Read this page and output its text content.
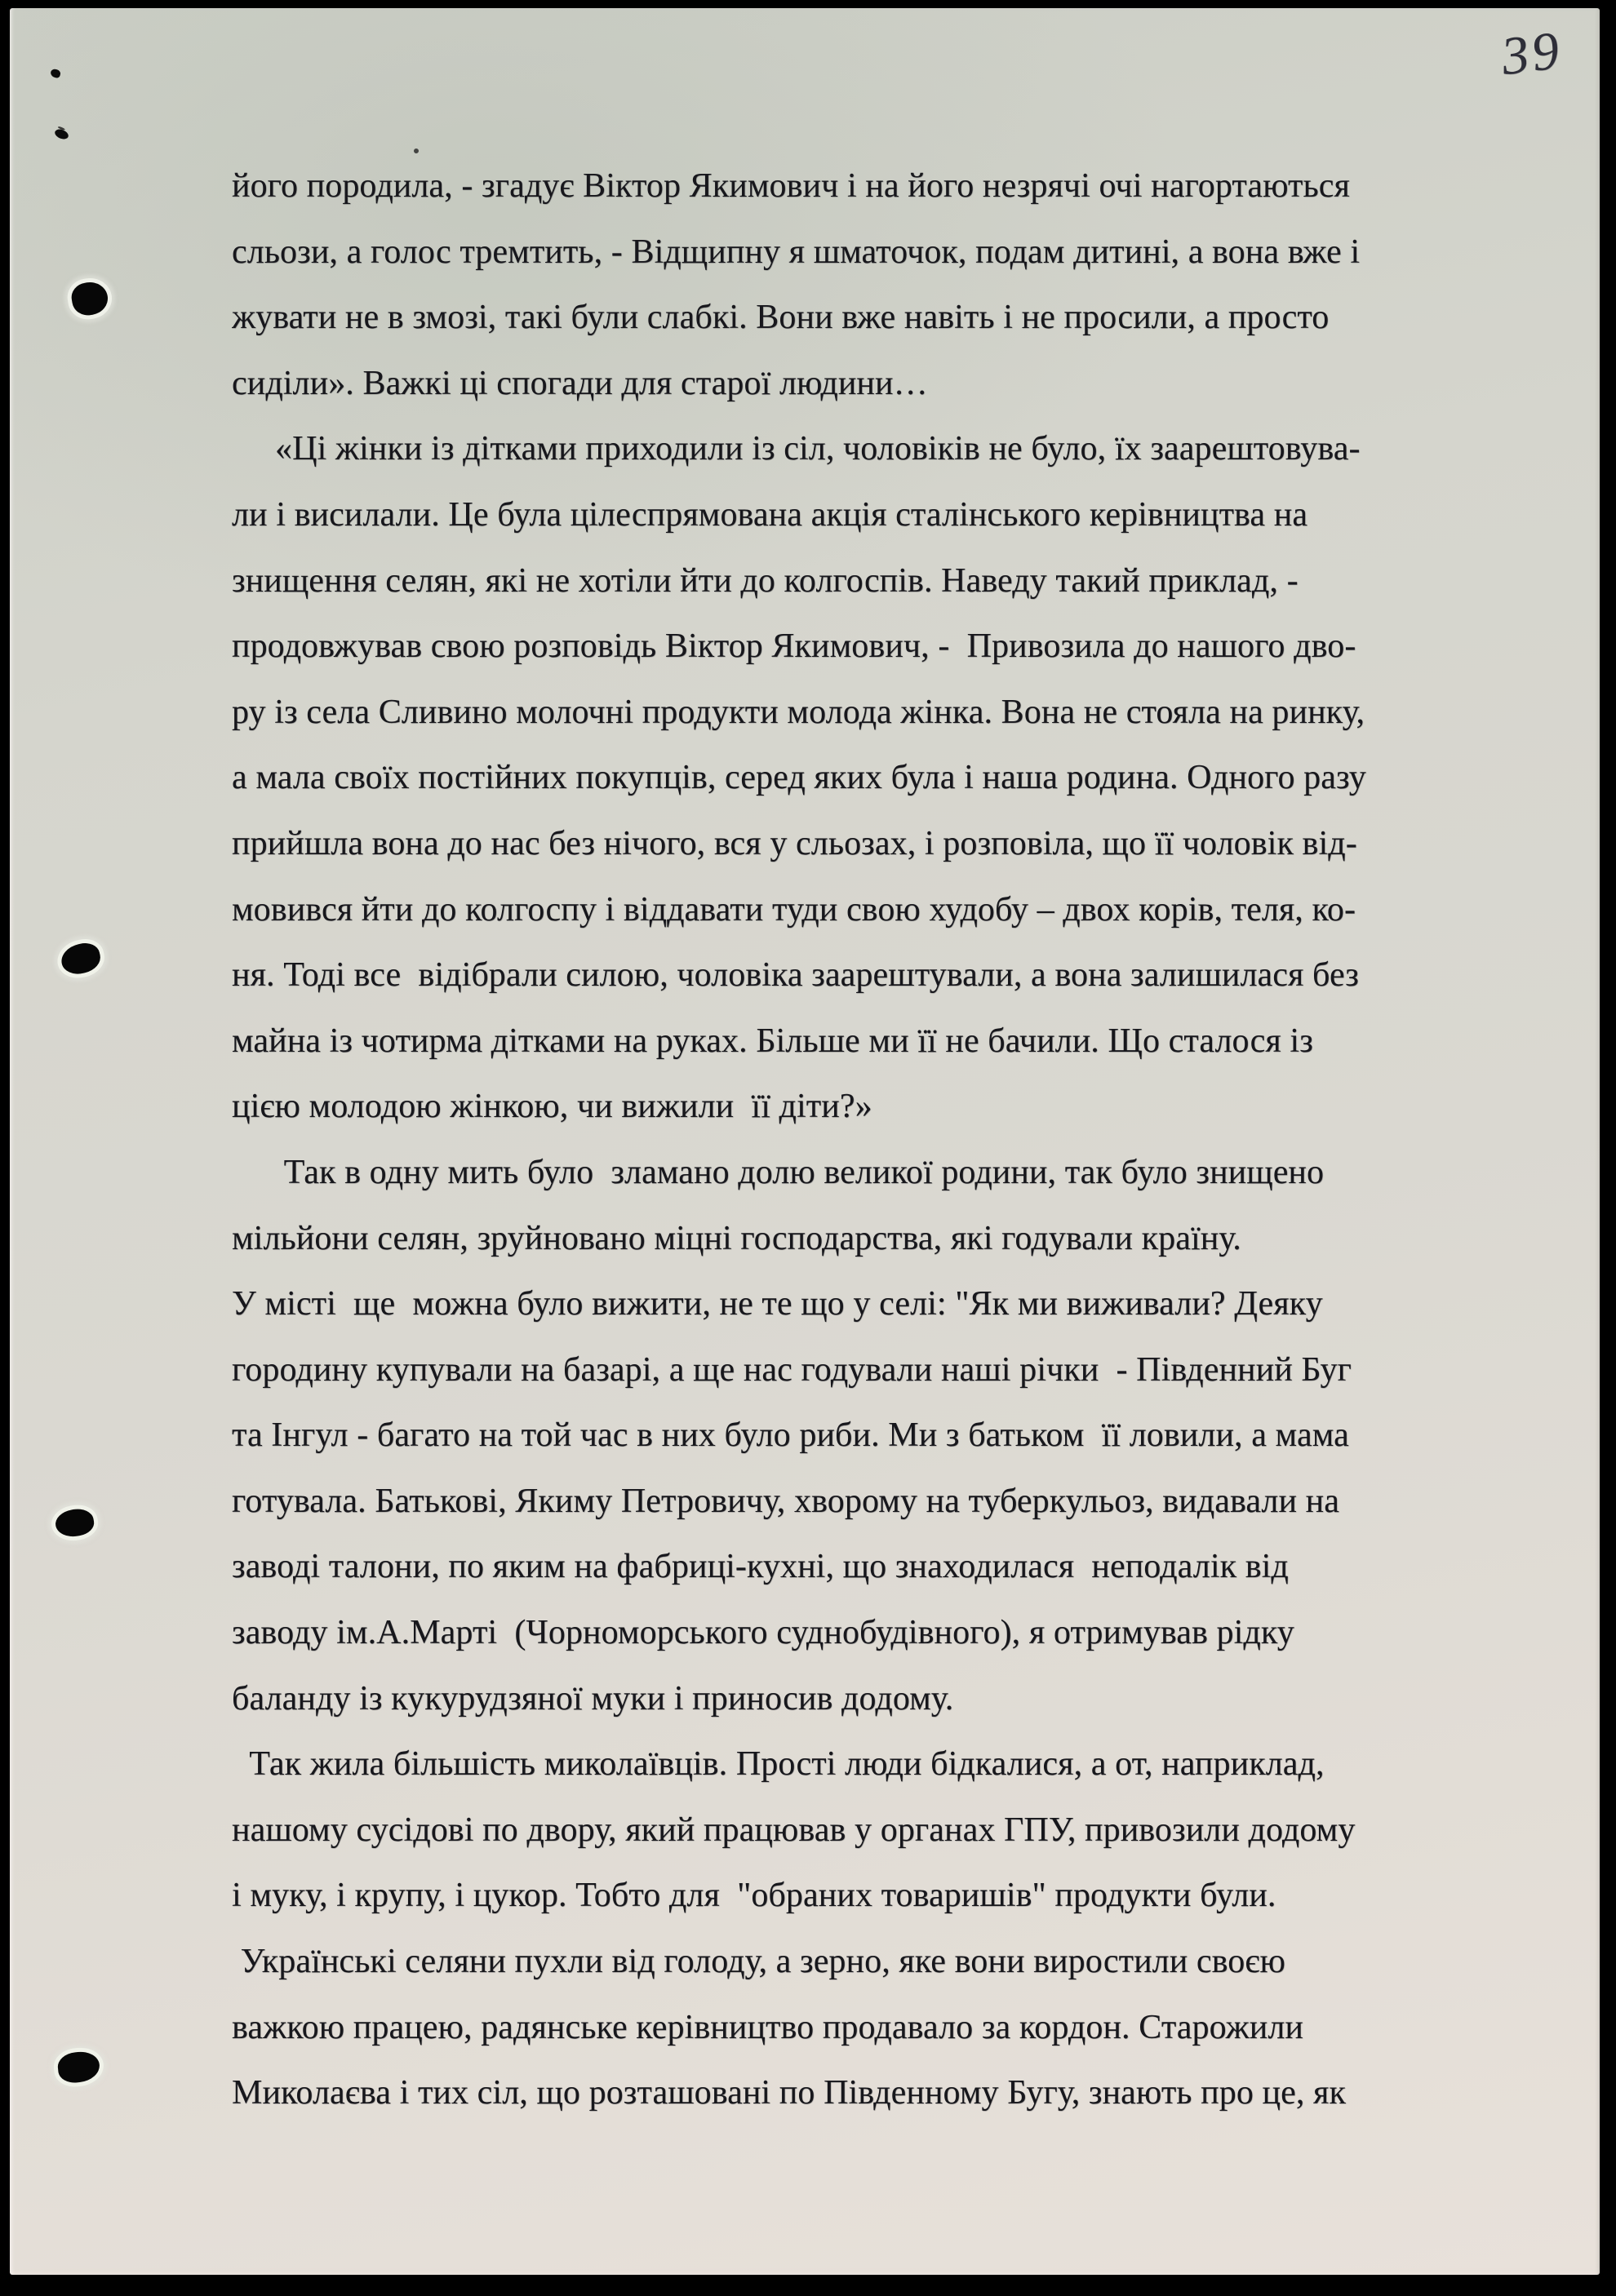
39
його породила, - згадує Віктор Якимович і на його незрячі очі нагортаються
сльози, а голос тремтить, - Відщипну я шматочок, подам дитині, а вона вже і
жувати не в змозі, такі були слабкі. Вони вже навіть і не просили, а просто
сиділи». Важкі ці спогади для старої людини…
«Ці жінки із дітками приходили із сіл, чоловіків не було, їх заарештовува-
ли і висилали. Це була цілеспрямована акція сталінського керівництва на
знищення селян, які не хотіли йти до колгоспів. Наведу такий приклад, -
продовжував свою розповідь Віктор Якимович, -  Привозила до нашого дво-
ру із села Сливино молочні продукти молода жінка. Вона не стояла на ринку,
а мала своїх постійних покупців, серед яких була і наша родина. Одного разу
прийшла вона до нас без нічого, вся у сльозах, і розповіла, що її чоловік від-
мовився йти до колгоспу і віддавати туди свою худобу – двох корів, теля, ко-
ня. Тоді все  відібрали силою, чоловіка заарештували, а вона залишилася без
майна із чотирма дітками на руках. Більше ми її не бачили. Що сталося із
цією молодою жінкою, чи вижили  її діти?»
Так в одну мить було  зламано долю великої родини, так було знищено
мільйони селян, зруйновано міцні господарства, які годували країну.
У місті  ще  можна було вижити, не те що у селі: "Як ми виживали? Деяку
городину купували на базарі, а ще нас годували наші річки  - Південний Буг
та Інгул - багато на той час в них було риби. Ми з батьком  її ловили, а мама
готувала. Батькові, Якиму Петровичу, хворому на туберкульоз, видавали на
заводі талони, по яким на фабриці-кухні, що знаходилася  неподалік від
заводу ім.А.Марті  (Чорноморського суднобудівного), я отримував рідку
баланду із кукурудзяної муки і приносив додому.
Так жила більшість миколаївців. Прості люди бідкалися, а от, наприклад,
нашому сусідові по двору, який працював у органах ГПУ, привозили додому
і муку, і крупу, і цукор. Тобто для  "обраних товаришів" продукти були.
Українські селяни пухли від голоду, а зерно, яке вони виростили своєю
важкою працею, радянське керівництво продавало за кордон. Старожили
Миколаєва і тих сіл, що розташовані по Південному Бугу, знають про це, як
